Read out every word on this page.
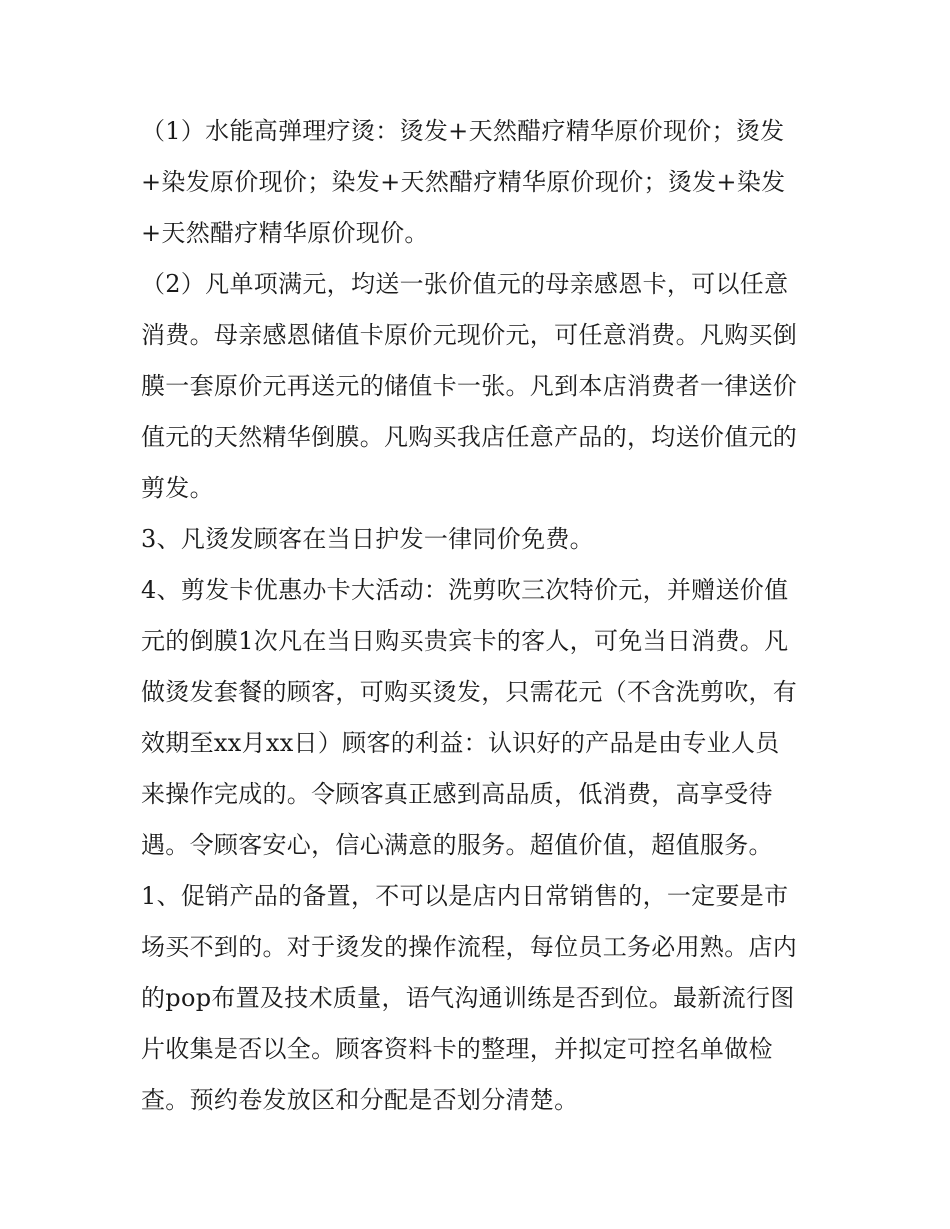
（1）水能高弹理疗烫：烫发+天然醋疗精华原价现价；烫发
+染发原价现价；染发+天然醋疗精华原价现价；烫发+染发
+天然醋疗精华原价现价。
（2）凡单项满元，均送一张价值元的母亲感恩卡，可以任意
消费。母亲感恩储值卡原价元现价元，可任意消费。凡购买倒
膜一套原价元再送元的储值卡一张。凡到本店消费者一律送价
值元的天然精华倒膜。凡购买我店任意产品的，均送价值元的
剪发。
3、凡烫发顾客在当日护发一律同价免费。
4、剪发卡优惠办卡大活动：洗剪吹三次特价元，并赠送价值
元的倒膜1次凡在当日购买贵宾卡的客人，可免当日消费。凡
做烫发套餐的顾客，可购买烫发，只需花元（不含洗剪吹，有
效期至xx月xx日）顾客的利益：认识好的产品是由专业人员
来操作完成的。令顾客真正感到高品质，低消费，高享受待
遇。令顾客安心，信心满意的服务。超值价值，超值服务。
1、促销产品的备置，不可以是店内日常销售的，一定要是市
场买不到的。对于烫发的操作流程，每位员工务必用熟。店内
的pop布置及技术质量，语气沟通训练是否到位。最新流行图
片收集是否以全。顾客资料卡的整理，并拟定可控名单做检
查。预约卷发放区和分配是否划分清楚。
